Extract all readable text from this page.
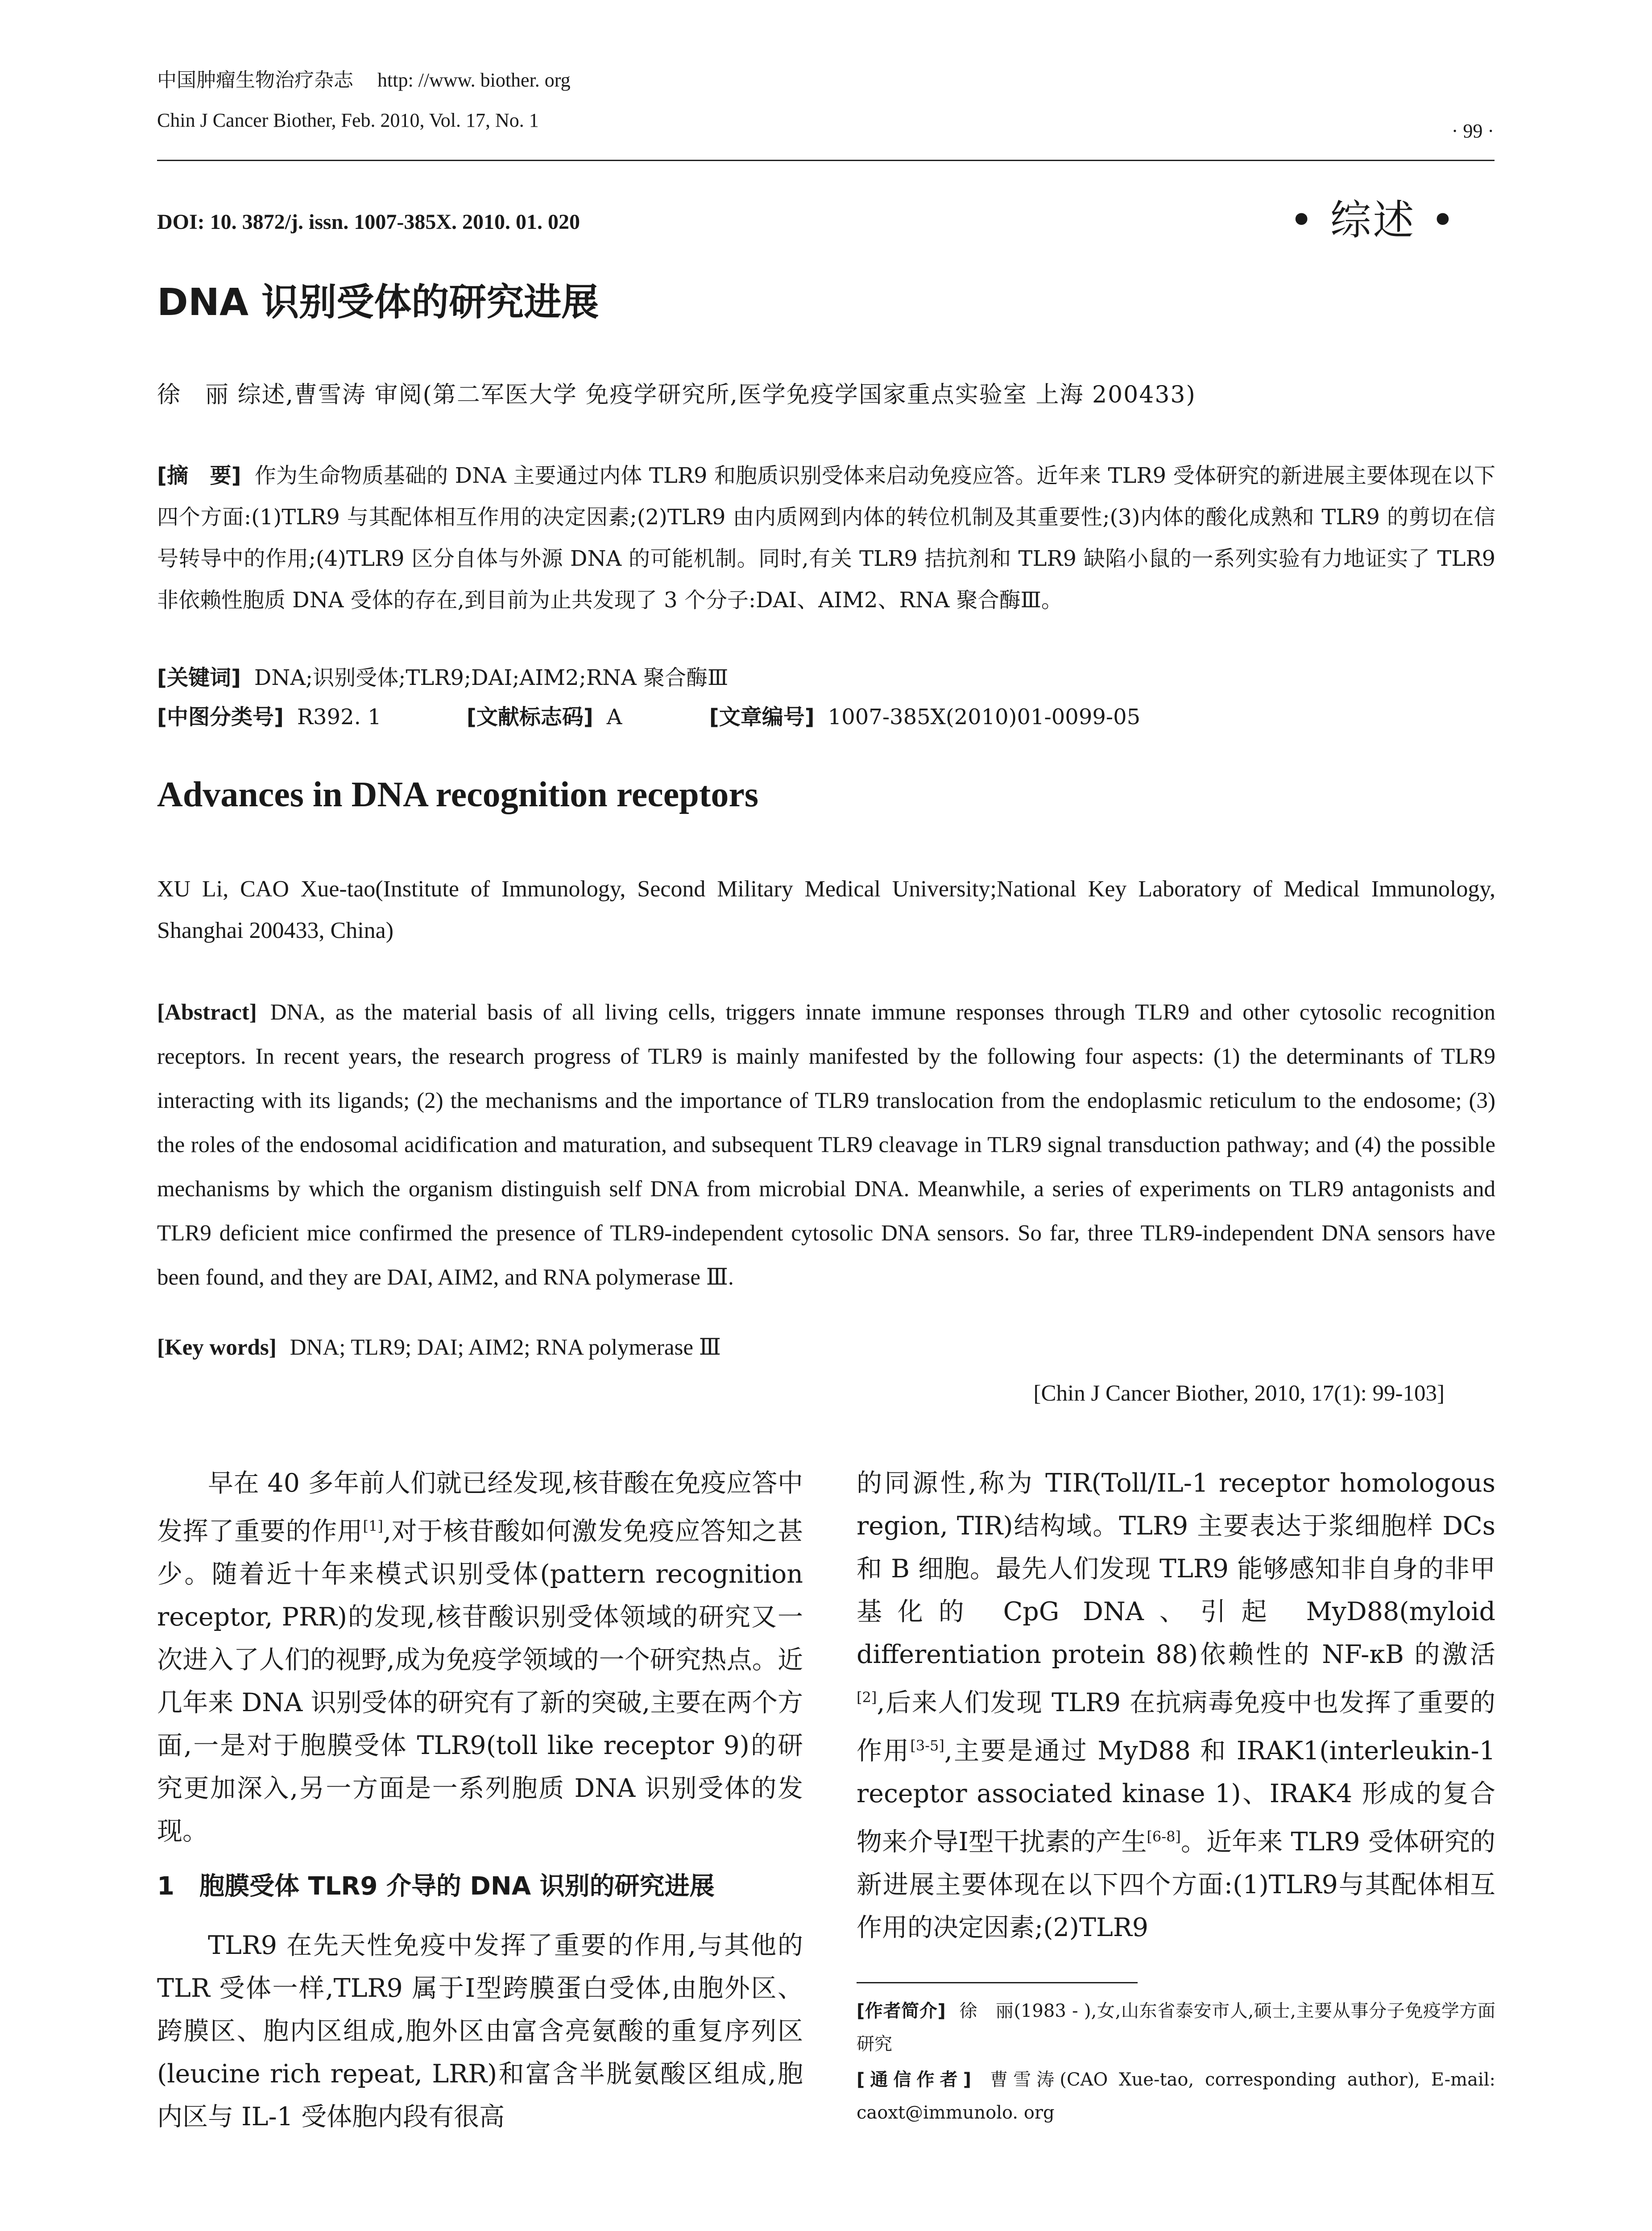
中国肿瘤生物治疗杂志 http: //www. biother. org
Chin J Cancer Biother, Feb. 2010, Vol. 17, No. 1	· 99 ·
DOI: 10. 3872/j. issn. 1007-385X. 2010. 01. 020	• 综述 •
DNA 识别受体的研究进展
徐　丽 综述,曹雪涛 审阅(第二军医大学 免疫学研究所,医学免疫学国家重点实验室 上海 200433)
[摘　要] 作为生命物质基础的 DNA 主要通过内体 TLR9 和胞质识别受体来启动免疫应答。近年来 TLR9 受体研究的新进展主要体现在以下四个方面:(1)TLR9 与其配体相互作用的决定因素;(2)TLR9 由内质网到内体的转位机制及其重要性;(3)内体的酸化成熟和 TLR9 的剪切在信号转导中的作用;(4)TLR9 区分自体与外源 DNA 的可能机制。同时,有关 TLR9 拮抗剂和 TLR9 缺陷小鼠的一系列实验有力地证实了 TLR9 非依赖性胞质 DNA 受体的存在,到目前为止共发现了 3 个分子:DAI、AIM2、RNA 聚合酶Ⅲ。
[关键词] DNA;识别受体;TLR9;DAI;AIM2;RNA 聚合酶Ⅲ
[中图分类号] R392. 1	[文献标志码] A	[文章编号] 1007-385X(2010)01-0099-05
Advances in DNA recognition receptors
XU Li, CAO Xue-tao(Institute of Immunology, Second Military Medical University;National Key Laboratory of Medical Immunology, Shanghai 200433, China)
[Abstract] DNA, as the material basis of all living cells, triggers innate immune responses through TLR9 and other cytosolic recognition receptors. In recent years, the research progress of TLR9 is mainly manifested by the following four aspects: (1) the determinants of TLR9 interacting with its ligands; (2) the mechanisms and the importance of TLR9 translocation from the endoplasmic reticulum to the endosome; (3) the roles of the endosomal acidification and maturation, and subsequent TLR9 cleavage in TLR9 signal transduction pathway; and (4) the possible mechanisms by which the organism distinguish self DNA from microbial DNA. Meanwhile, a series of experiments on TLR9 antagonists and TLR9 deficient mice confirmed the presence of TLR9-independent cytosolic DNA sensors. So far, three TLR9-independent DNA sensors have been found, and they are DAI, AIM2, and RNA polymerase Ⅲ.
[Key words] DNA; TLR9; DAI; AIM2; RNA polymerase Ⅲ
[Chin J Cancer Biother, 2010, 17(1): 99-103]

早在 40 多年前人们就已经发现,核苷酸在免疫应答中发挥了重要的作用[1],对于核苷酸如何激发免疫应答知之甚少。随着近十年来模式识别受体(pattern recognition receptor, PRR)的发现,核苷酸识别受体领域的研究又一次进入了人们的视野,成为免疫学领域的一个研究热点。近几年来 DNA 识别受体的研究有了新的突破,主要在两个方面,一是对于胞膜受体 TLR9(toll like receptor 9)的研究更加深入,另一方面是一系列胞质 DNA 识别受体的发现。

1　胞膜受体 TLR9 介导的 DNA 识别的研究进展

TLR9 在先天性免疫中发挥了重要的作用,与其他的 TLR 受体一样,TLR9 属于Ⅰ型跨膜蛋白受体,由胞外区、跨膜区、胞内区组成,胞外区由富含亮氨酸的重复序列区(leucine rich repeat, LRR)和富含半胱氨酸区组成,胞内区与 IL-1 受体胞内段有很高

的同源性,称为 TIR(Toll/IL-1 receptor homologous region, TIR)结构域。TLR9 主要表达于浆细胞样 DCs 和 B 细胞。最先人们发现 TLR9 能够感知非自身的非甲基化的 CpG DNA、引起 MyD88(myloid differentiation protein 88)依赖性的 NF-κB 的激活[2],后来人们发现 TLR9 在抗病毒免疫中也发挥了重要的作用[3-5],主要是通过 MyD88 和 IRAK1(interleukin-1 receptor associated kinase 1)、IRAK4 形成的复合物来介导Ⅰ型干扰素的产生[6-8]。近年来 TLR9 受体研究的新进展主要体现在以下四个方面:(1)TLR9与其配体相互作用的决定因素;(2)TLR9

[作者简介] 徐　丽(1983 - ),女,山东省泰安市人,硕士,主要从事分子免疫学方面研究
[通信作者] 曹雪涛(CAO Xue-tao, corresponding author), E-mail: caoxt@immunolo. org
